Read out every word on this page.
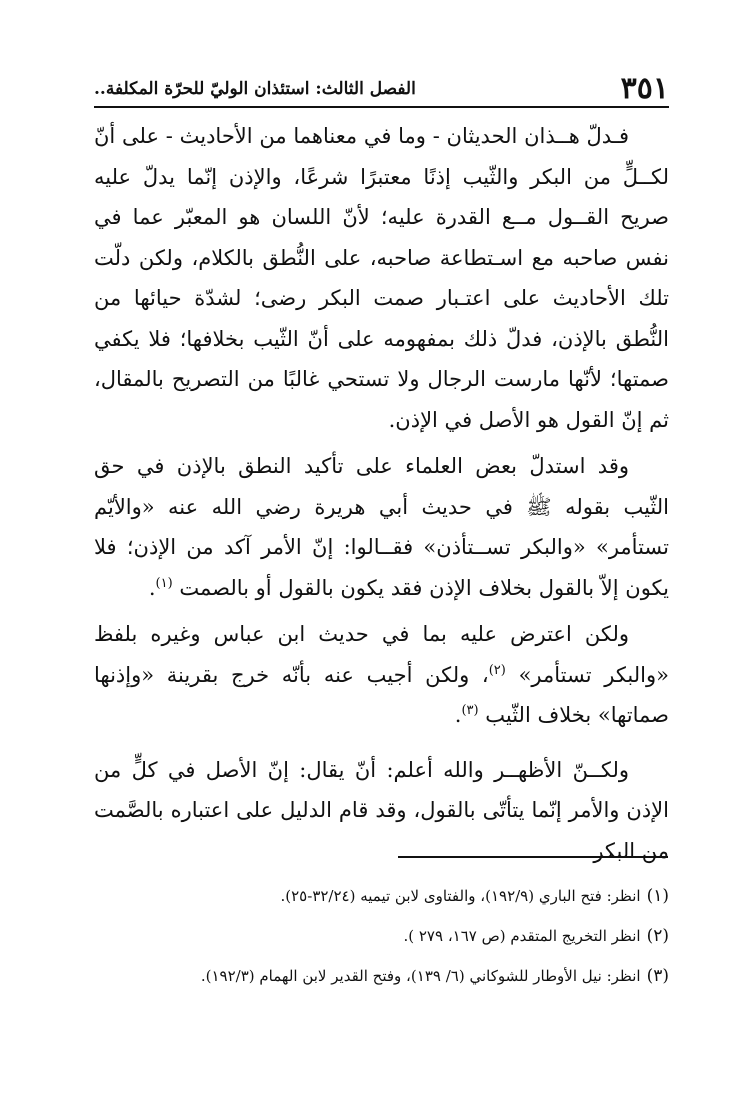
٣٥١
الفصل الثالث: استئذان الوليّ للحرّة المكلفة..

فـدلّ هــذان الحديثان - وما في معناهما من الأحاديث - على أنّ لكــلٍّ من البكر والثّيب إذنًا معتبرًا شرعًا، والإذن إنّما يدلّ عليه صريح القــول مــع القدرة عليه؛ لأنّ اللسان هو المعبّر عما في نفس صاحبه مع اسـتطاعة صاحبه، على النُّطق بالكلام، ولكن دلّت تلك الأحاديث على اعتـبار صمت البكر رضى؛ لشدّة حيائها من النُّطق بالإذن، فدلّ ذلك بمفهومه على أنّ الثّيب بخلافها؛ فلا يكفي صمتها؛ لأنّها مارست الرجال ولا تستحي غالبًا من التصريح بالمقال، ثم إنّ القول هو الأصل في الإذن.

وقد استدلّ بعض العلماء على تأكيد النطق بالإذن في حق الثّيب بقوله ﷺ في حديث أبي هريرة رضي الله عنه «والأيّم تستأمر» «والبكر تســتأذن» فقــالوا: إنّ الأمر آكد من الإذن؛ فلا يكون إلاّ بالقول بخلاف الإذن فقد يكون بالقول أو بالصمت $^{(١)}$.

ولكن اعترض عليه بما في حديث ابن عباس وغيره بلفظ «والبكر تستأمر» $^{(٢)}$، ولكن أجيب عنه بأنّه خرج بقرينة «وإذنها صماتها» بخلاف الثّيب $^{(٣)}$.

ولكــنّ الأظهــر والله أعلم: أنّ يقال: إنّ الأصل في كلٍّ من الإذن والأمر إنّما يتأتّى بالقول، وقد قام الدليل على اعتباره بالصَّمت من البكر

(١)انظر: فتح الباري (١٩٢/٩)، والفتاوى لابن تيميه (٣٢/٢٤-٢٥).

(٢)انظر التخريج المتقدم (ص ١٦٧، ٢٧٩ ).

(٣)انظر: نيل الأوطار للشوكاني (٦/ ١٣٩)، وفتح القدير لابن الهمام (١٩٢/٣).
